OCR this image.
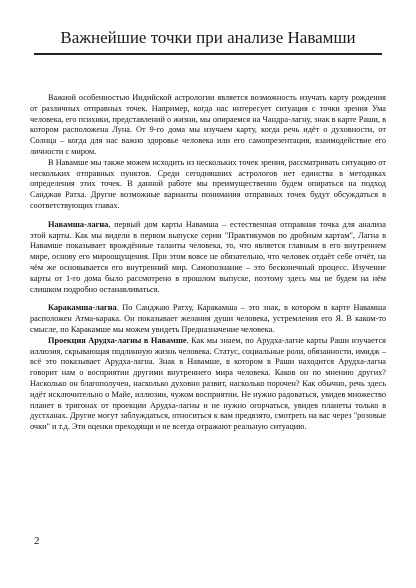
Важнейшие точки при анализе Навамши

Важной особенностью Индийской астрологии является возможность изучать карту рождения от различных отправных точек. Например, когда нас интересует ситуация с точки зрения Ума человека, его психики, представлений о жизни, мы опираемся на Чандра-лагну, знак в карте Раши, в котором расположена Луна. От 9-го дома мы изучаем карту, когда речь идёт о духовности, от Солнца – когда для нас важно здоровье человека или его самопрезентация, взаимодействие его личности с миром.

В Навамше мы также можем исходить из нескольких точек зрения, рассматривать ситуацию от нескольких отправных пунктов. Среди сегодняшних астрологов нет единства в методиках определения этих точек. В данной работе мы преимущественно будем опираться на подход Санджая Ратха. Другие возможные варианты понимания отправных точек будут обсуждаться в соответствующих главах.

Навамша-лагна, первый дом карты Навамша – естественная отправная точка для анализа этой карты. Как мы видели в первом выпуске серии "Практикумов по дробным картам", Лагна в Навамше показывает врождённые таланты человека, то, что является главным в его внутреннем мире, основу его мироощущения. При этом вовсе не обязательно, что человек отдаёт себе отчёт, на чём же основывается его внутренний мир. Самопознание – это бесконечный процесс. Изучение карты от 1-го дома было рассмотрено в прошлом выпуске, поэтому здесь мы не будем на нём слишком подробно останавливаться.

Каракамша-лагна. По Санджаю Ратху, Каракамша – это знак, в котором в карте Навамша расположен Атма-карака. Он показывает желания души человека, устремления его Я. В каком-то смысле, по Каракамше мы можем увидеть Предназначение человека.

Проекция Арудха-лагны в Навамше. Как мы знаем, по Арудха-лагне карты Раши изучается иллюзия, скрывающая подлинную жизнь человека. Статус, социальные роли, обязанности, имидж – всё это показывает Арудха-лагна. Знак в Навамше, в котором в Раши находится Арудха-лагна говорит нам о восприятии другими внутреннего мира человека. Каков он по мнению других? Насколько он благополучен, насколько духовно развит, насколько порочен? Как обычно, речь здесь идёт исключительно о Майе, иллюзии, чужом восприятии. Не нужно радоваться, увидев множество планет в тригонах от проекции Арудха-лагны и не нужно огорчаться, увидев планеты только в дустханах. Другие могут заблуждаться, относиться к вам предвзято, смотреть на вас через "розовые очки" и т.д. Эти оценки преходящи и не всегда отражают реальную ситуацию.

2
